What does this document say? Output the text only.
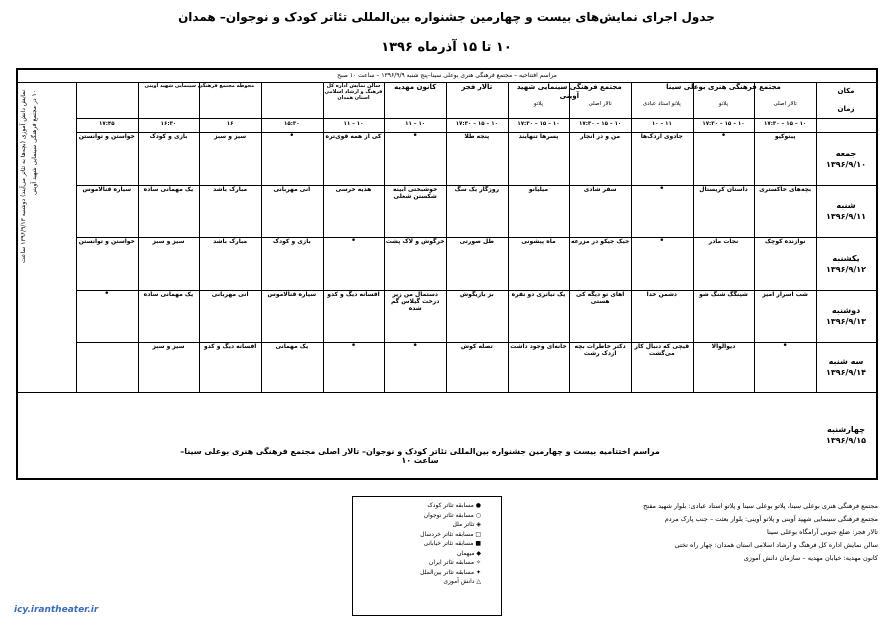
جدول اجرای نمایش‌های بیست و چهارمین جشنواره بین‌المللی تئاتر کودک و نوجوان– همدان
۱۰ تا ۱۵ آذرماه ۱۳۹۶
مراسم افتتاحیه – مجتمع فرهنگی هنری بوعلی سینا–پنج شنبه ۱۳۹۶/۹/۹ – ساعت ۱۰ صبح
مکان
زمان
مجتمع فرهنگی هنری بوعلی سینا
تالار اصلی
۱۰ – ۱۵ – ۱۷:۳۰
پلاتو
۱۰ – ۱۵ – ۱۷:۳۰
پلاتو استاد عبادی
۱۱ – ۱۰
مجتمع فرهنگی سینمایی شهید آوینی
تالار اصلی
۱۰ – ۱۵ – ۱۷:۳۰
پلاتو
۱۰ – ۱۵ – ۱۷:۳۰
تالار فجر
۱۰ – ۱۵ – ۱۷:۳۰
کانون مهدیه
۱۰ – ۱۱
سالن نمایش اداره کل فرهنگ و ارشاد اسلامی استان همدان
۱۰ – ۱۱
محوطه مجتمع فرهنگی سینمایی شهید آوینی
۱۵:۳۰
۱۶
۱۶:۳۰
۱۷:۴۵
جمعه
۱۳۹۶/۹/۱۰
شنبه
۱۳۹۶/۹/۱۱
یکشنبه
۱۳۹۶/۹/۱۲
دوشنبه
۱۳۹۶/۹/۱۳
سه شنبه
۱۳۹۶/۹/۱۴
چهارشنبه
۱۳۹۶/۹/۱۵
پینوکیو
•
جادوی اردک‌ها
من و در انجار
پسرها تنهایند
پنجه طلا
•
کی از همه قوی‌تره
•
سیز و سبز
بازی و کودک
خواستن و توانستن
بچه‌های خاکستری
داستان کریستال
•
سفر شادی
میلیانو
روزگار یک سگ
خوشبختی آبینه شکستن شغلی
هدیه خرسی
آنی مهربانی
مبارک باشد
یک مهمانی ساده
سیاره قنالاموس
نوازنده کوچک
نجات مادر
•
جیک جیکو در مزرعه
ماه پیشونی
طل صورتی
خرگوش و لاک پشت
•
بازی و کودک
مبارک باشد
سیز و سبز
خواستن و توانستن
شب اسرار آمیز
شینگگ شنگ شو
دشمن خدا
آهای تو دیگه کی هستی
یک تیاتری دو نفره
بز بازیگوش
دستمال من زیر درخت گیلاس گم شده
افسانه دیگ و کدو
سیاره قنالاموس
آنی مهربانی
یک مهمانی ساده
•
•
دیوالوالا
قیچی که دنبال کار می‌گشت
دکتر خاطرات بچه ازدک رشت
خانه‌ای وجود داشت
تصله کوش
•
•
یک مهمانی
افسانه دیگ و کدو
سیز و سبز
مراسم اختتامیه بیست و چهارمین جشنواره بین‌المللی تئاتر کودک و نوجوان– تالار اصلی مجتمع فرهنگی هنری بوعلی سینا– ساعت ۱۰
نمایش دانش آموزی (بچه‌ها به تئاتر می‌آیند) دوشنبه ۱۳۹۶/۹/۱۳ ساعت ۱۰ در مجتمع فرهنگی سینمایی شهید آوینی
● مسابقه تئاتر کودک
○ مسابقه تئاتر نوجوان
◈ تئاتر ملل
□ مسابقه تئاتر خردسال
■ مسابقه تئاتر خیابانی
◆ میهمان
✧ مسابقه تئاتر ایران
✦ مسابقه تئاتر بین‌الملل
△ دانش آموزی
مجتمع فرهنگی هنری بوعلی سینا، پلاتو بوعلی سینا و پلاتو استاد عبادی: بلوار شهید مفتح
مجتمع فرهنگی سینمایی شهید آوینی و پلاتو آوینی: بلوار بعثت – جنب پارک مردم
تالار فجر: ضلع جنوبی آرامگاه بوعلی سینا
سالن نمایش اداره کل فرهنگ و ارشاد اسلامی استان همدان: چهار راه تختی
کانون مهدیه: خیابان مهدیه – سازمان دانش آموزی
icy.irantheater.ir
